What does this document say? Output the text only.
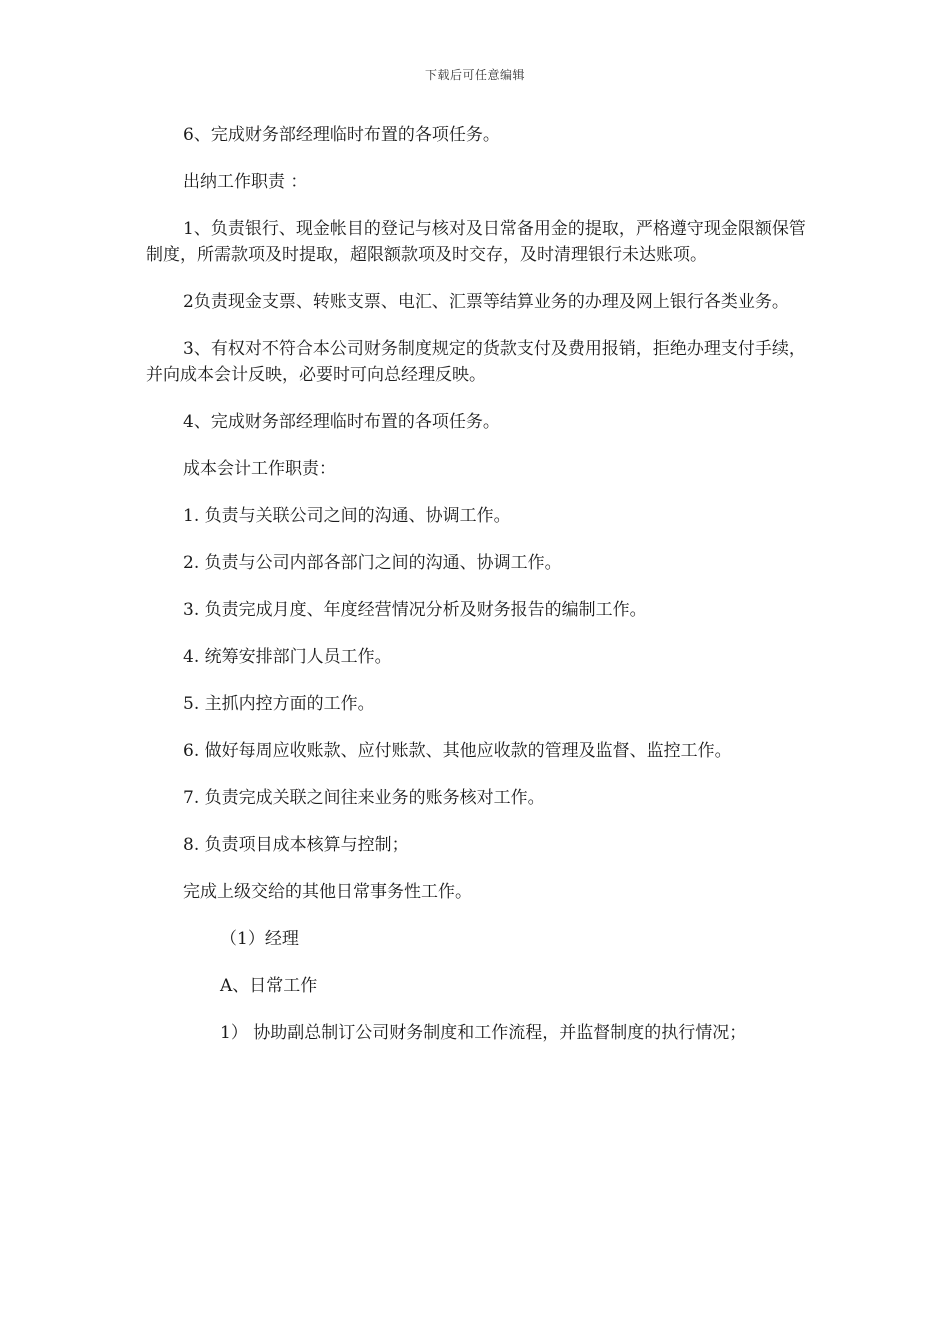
下载后可任意编辑

6、完成财务部经理临时布置的各项任务。

出纳工作职责 ：

1、负责银行、现金帐目的登记与核对及日常备用金的提取，严格遵守现金限额保管制度，所需款项及时提取，超限额款项及时交存，及时清理银行未达账项。

2负责现金支票、转账支票、电汇、汇票等结算业务的办理及网上银行各类业务。

3、有权对不符合本公司财务制度规定的货款支付及费用报销，拒绝办理支付手续，并向成本会计反映，必要时可向总经理反映。

4、完成财务部经理临时布置的各项任务。

成本会计工作职责：

1. 负责与关联公司之间的沟通、协调工作。

2. 负责与公司内部各部门之间的沟通、协调工作。

3. 负责完成月度、年度经营情况分析及财务报告的编制工作。

4. 统筹安排部门人员工作。

5. 主抓内控方面的工作。

6. 做好每周应收账款、应付账款、其他应收款的管理及监督、监控工作。

7. 负责完成关联之间往来业务的账务核对工作。

8. 负责项目成本核算与控制；

完成上级交给的其他日常事务性工作。

（1）经理

A、日常工作

1） 协助副总制订公司财务制度和工作流程，并监督制度的执行情况；
